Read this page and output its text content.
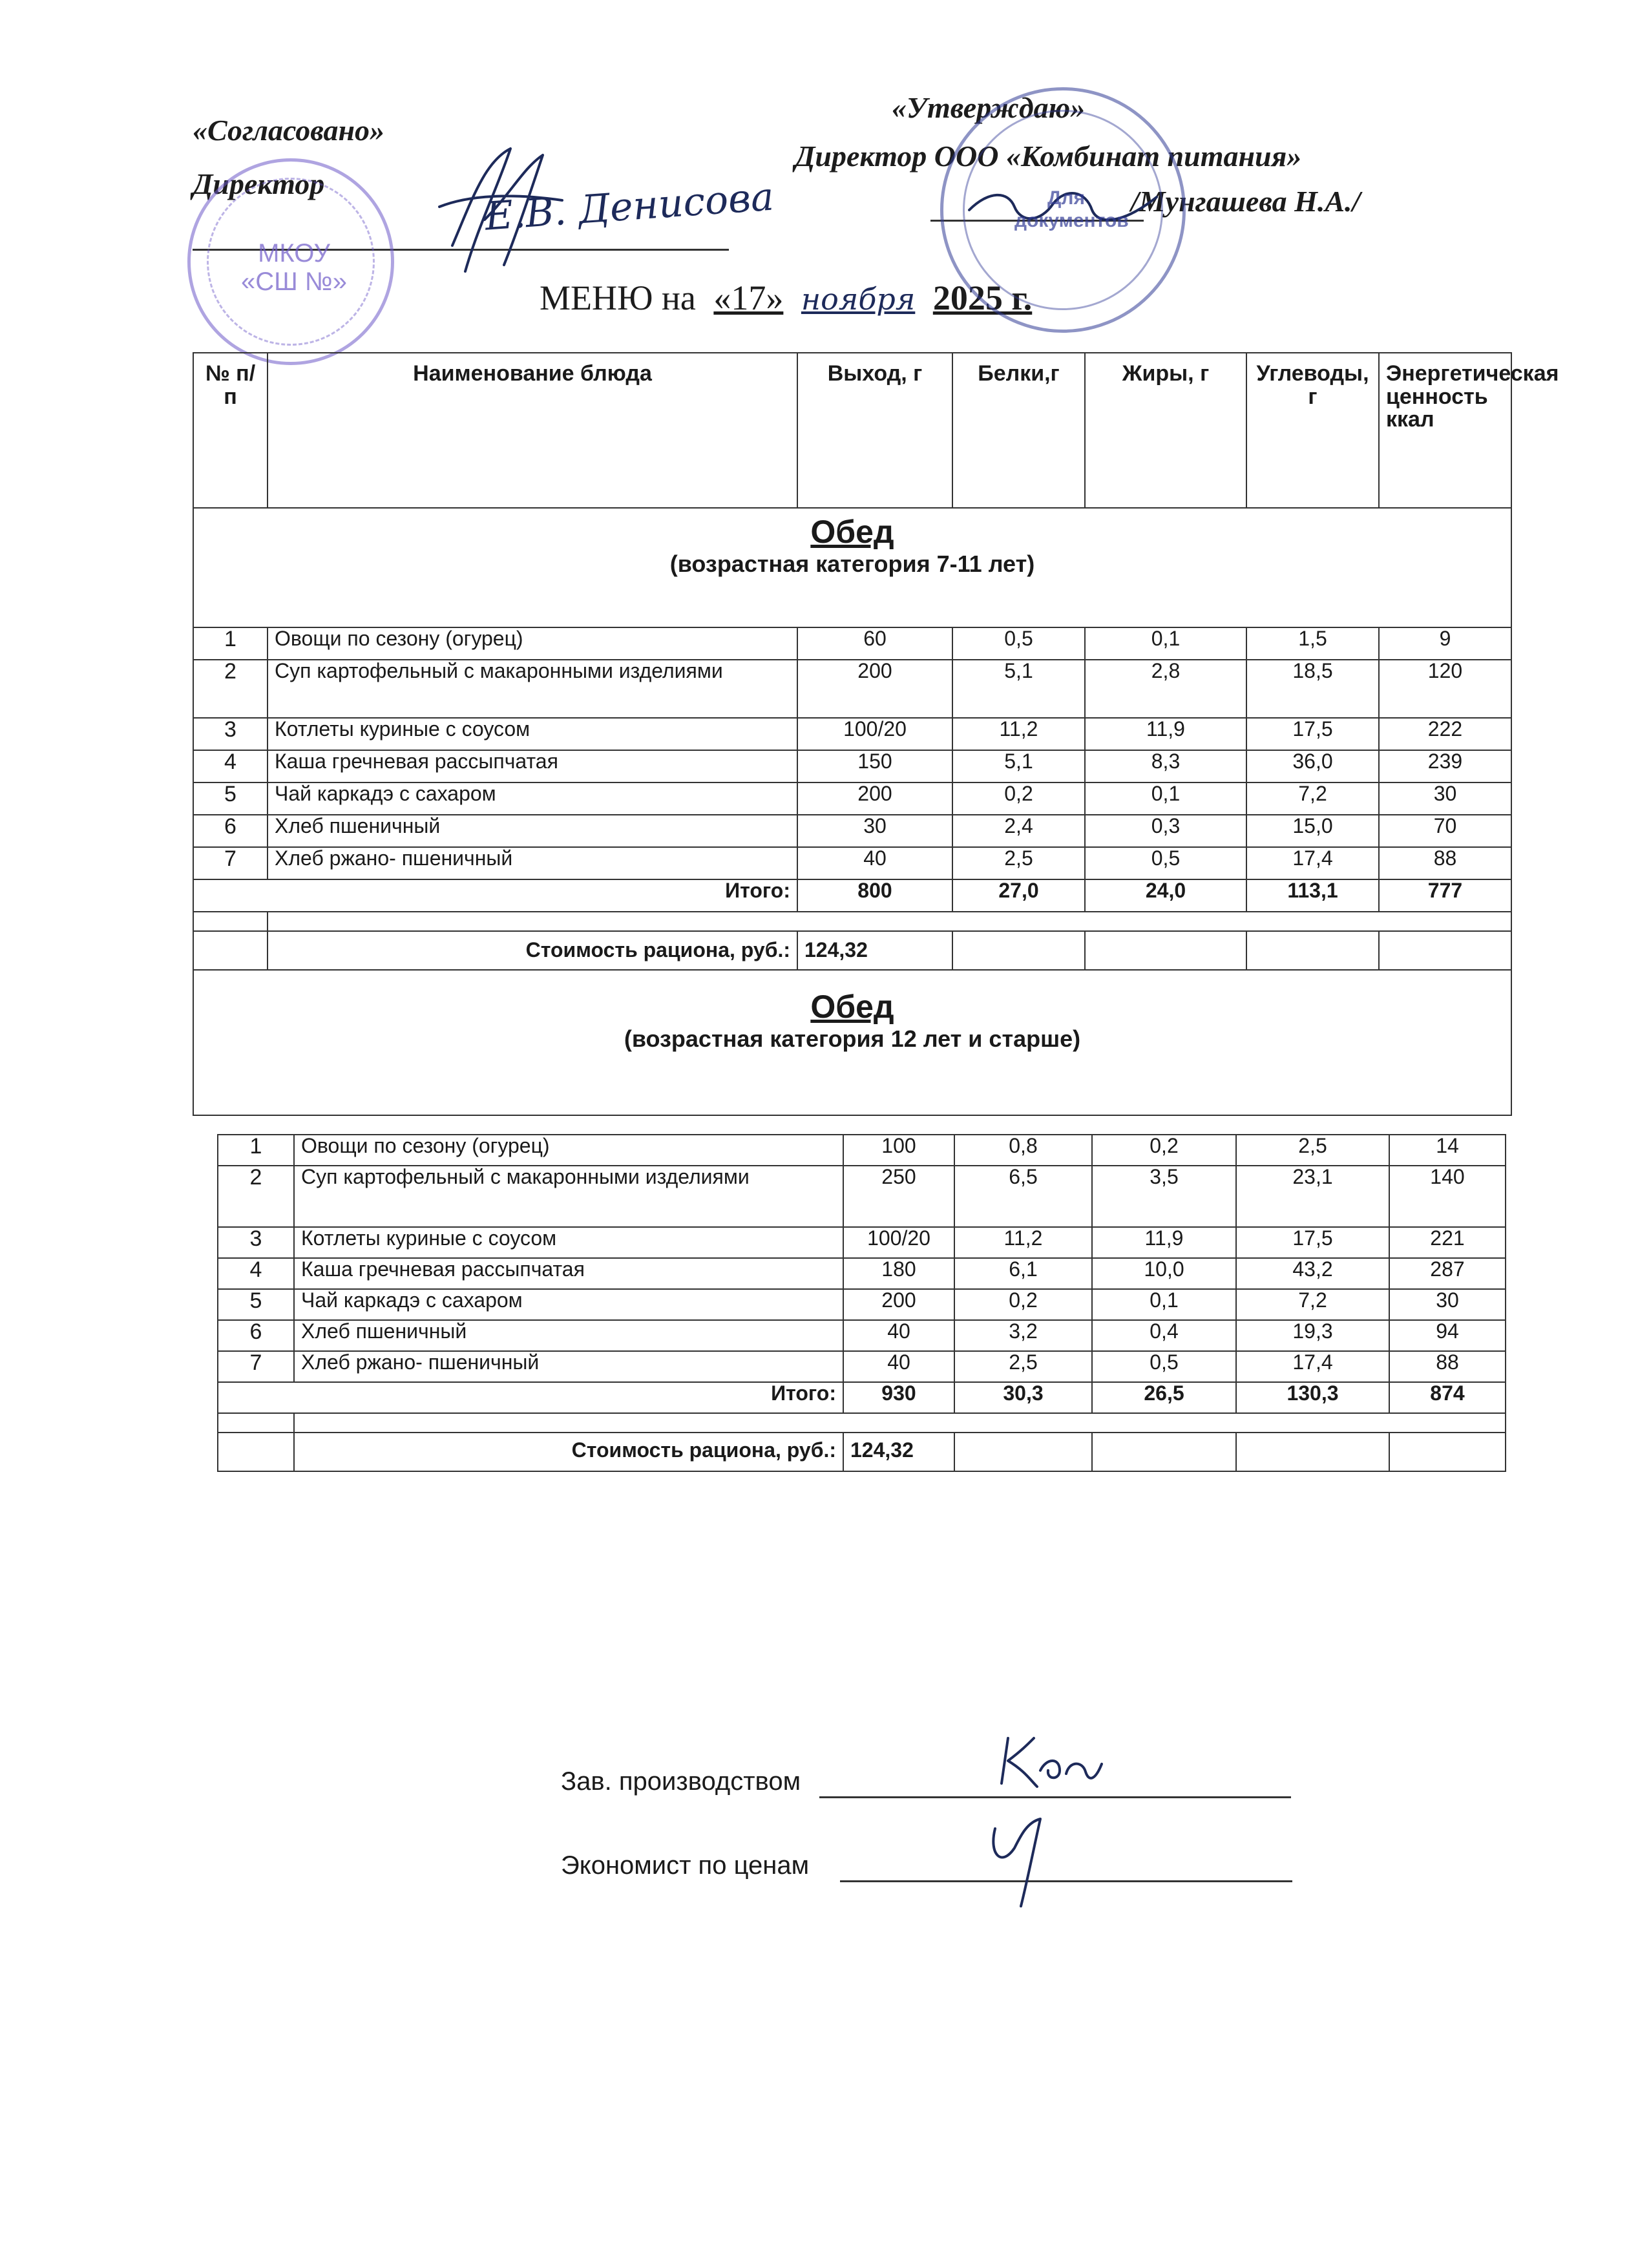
«Согласовано»
Директор	Е.В. Денисова
«Утверждаю»
Директор ООО «Комбинат питания»
/Мунгашева Н.А./
МЕНЮ на «17» ноября 2025 г.
МКОУ «СШ №»
Для документов
№ п/п	Наименование блюда	Выход, г	Белки,г	Жиры, г	Углеводы, г	Энергетическая ценность ккал

Обед
(возрастная категория 7-11 лет)						

1	Овощи по сезону (огурец)	60	0,5	0,1	1,5	9
2	Суп картофельный с макаронными изделиями	200	5,1	2,8	18,5	120
3	Котлеты куриные с соусом	100/20	11,2	11,9	17,5	222
4	Каша гречневая рассыпчатая	150	5,1	8,3	36,0	239
5	Чай каркадэ с сахаром	200	0,2	0,1	7,2	30
6	Хлеб пшеничный	30	2,4	0,3	15,0	70
7	Хлеб ржано- пшеничный	40	2,5	0,5	17,4	88
Итого:		800	27,0	24,0	113,1	777

	Стоимость рациона, руб.:	124,32				

Обед
(возрастная категория 12 лет и старше)						
1	Овощи по сезону (огурец)	100	0,8	0,2	2,5	14
2	Суп картофельный с макаронными изделиями	250	6,5	3,5	23,1	140
3	Котлеты куриные с соусом	100/20	11,2	11,9	17,5	221
4	Каша гречневая рассыпчатая	180	6,1	10,0	43,2	287
5	Чай каркадэ с сахаром	200	0,2	0,1	7,2	30
6	Хлеб пшеничный	40	3,2	0,4	19,3	94
7	Хлеб ржано- пшеничный	40	2,5	0,5	17,4	88
Итого:		930	30,3	26,5	130,3	874

	Стоимость рациона, руб.:	124,32				
Зав. производством
Экономист по ценам
